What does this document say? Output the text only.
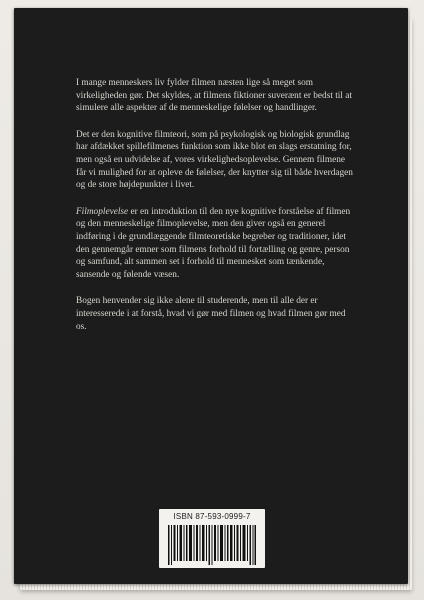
I mange menneskers liv fylder filmen næsten lige så meget som virkeligheden gør. Det skyldes, at filmens fiktioner suverænt er bedst til at simulere alle aspekter af de menneskelige følelser og handlinger.

Det er den kognitive filmteori, som på psykologisk og biologisk grundlag har afdækket spillefilmenes funktion som ikke blot en slags erstatning for, men også en udvidelse af, vores virkelighedsoplevelse. Gennem filmene får vi mulighed for at opleve de følelser, der knytter sig til både hverdagen og de store højdepunkter i livet.

Filmoplevelse er en introduktion til den nye kognitive forståelse af filmen og den menneskelige filmoplevelse, men den giver også en generel indføring i de grundlæggende filmteoretiske begreber og traditioner, idet den gennemgår emner som filmens forhold til fortælling og genre, person og samfund, alt sammen set i forhold til mennesket som tænkende, sansende og følende væsen.

Bogen henvender sig ikke alene til studerende, men til alle der er interesserede i at forstå, hvad vi gør med filmen og hvad filmen gør med os.

ISBN 87-593-0999-7
